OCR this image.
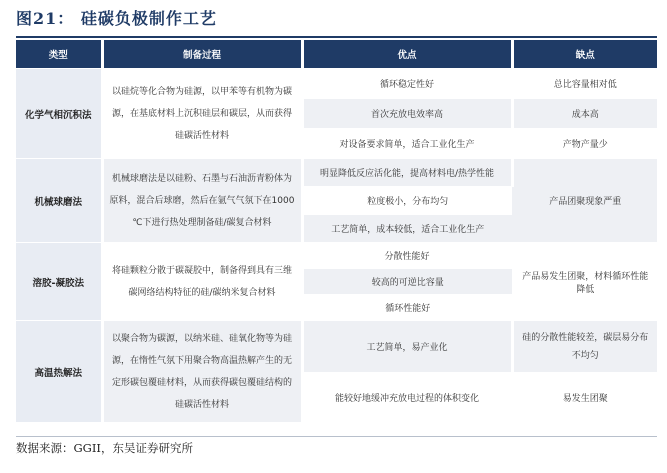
图21： 硅碳负极制作工艺
类型	制备过程	优点	缺点
化学气相沉积法	以硅烷等化合物为硅源，以甲苯等有机物为碳源，在基底材料上沉积硅层和碳层，从而获得硅碳活性材料	循环稳定性好	总比容量相对低
		首次充放电效率高	成本高
		对设备要求简单，适合工业化生产	产物产量少
机械球磨法	机械球磨法是以硅粉、石墨与石油沥青粉体为原料，混合后球磨，然后在氩气气氛下在1000 ℃下进行热处理制备硅/碳复合材料	明显降低反应活化能，提高材料电/热学性能	产品团聚现象严重
		粒度极小，分布均匀	
		工艺简单，成本较低，适合工业化生产	
溶胶-凝胶法	将硅颗粒分散于碳凝胶中，制备得到具有三维碳网络结构特征的硅/碳纳米复合材料	分散性能好	产品易发生团聚，材料循环性能降低
		较高的可逆比容量	
		循环性能好	
高温热解法	以聚合物为碳源，以纳米硅、硅氧化物等为硅源，在惰性气氛下用聚合物高温热解产生的无定形碳包覆硅材料，从而获得碳包覆硅结构的硅碳活性材料	工艺简单，易产业化	硅的分散性能较差，碳层易分布不均匀
		能较好地缓冲充放电过程的体积变化	易发生团聚
数据来源：GGII，东吴证券研究所
